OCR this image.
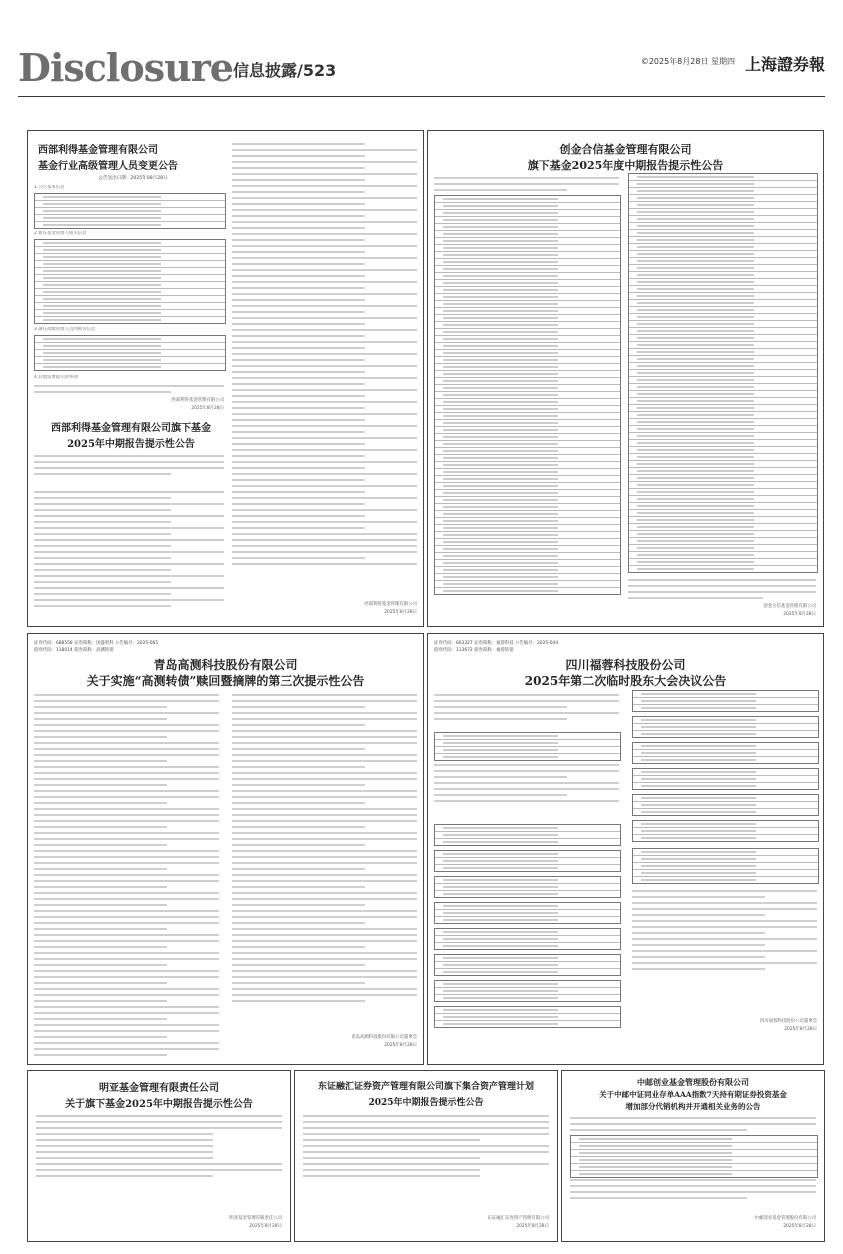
Disclosure 信息披露/523	©2025年8月28日 星期四 上海證券報

西部利得基金管理有限公司

基金行业高级管理人员变更公告

公告送出日期：2025年08月28日
1.公告基本信息
2.新任基金管理人相关信息
3.离任高级管理人员的相关信息
4.其他需要提示的事项
西部利得基金管理有限公司
2025年8月28日

西部利得基金管理有限公司旗下基金

2025年中期报告提示性公告

西部利得基金管理有限公司
2025年8月28日

创金合信基金管理有限公司

旗下基金2025年度中期报告提示性公告

创金合信基金管理有限公司
2025年8月28日
证券代码：688558 证券简称：国盛智科 公告编号：2025-065
债券代码：118014 债券简称：高测转债

青岛高测科技股份有限公司

关于实施“高测转债”赎回暨摘牌的第三次提示性公告

青岛高测科技股份有限公司董事会
2025年8月28日
证券代码：603327 证券简称：福蓉科技 公告编号：2025-044
债券代码：113672 债券简称：福蓉转债

四川福蓉科技股份公司

2025年第二次临时股东大会决议公告

四川福蓉科技股份公司董事会
2025年8月28日

明亚基金管理有限责任公司

关于旗下基金2025年中期报告提示性公告

明亚基金管理有限责任公司
2025年8月28日

东证融汇证券资产管理有限公司旗下集合资产管理计划

2025年中期报告提示性公告

东证融汇证券资产管理有限公司
2025年8月28日

中邮创业基金管理股份有限公司

关于中邮中证同业存单AAA指数7天持有期证券投资基金

增加部分代销机构并开通相关业务的公告

中邮创业基金管理股份有限公司
2025年8月28日
